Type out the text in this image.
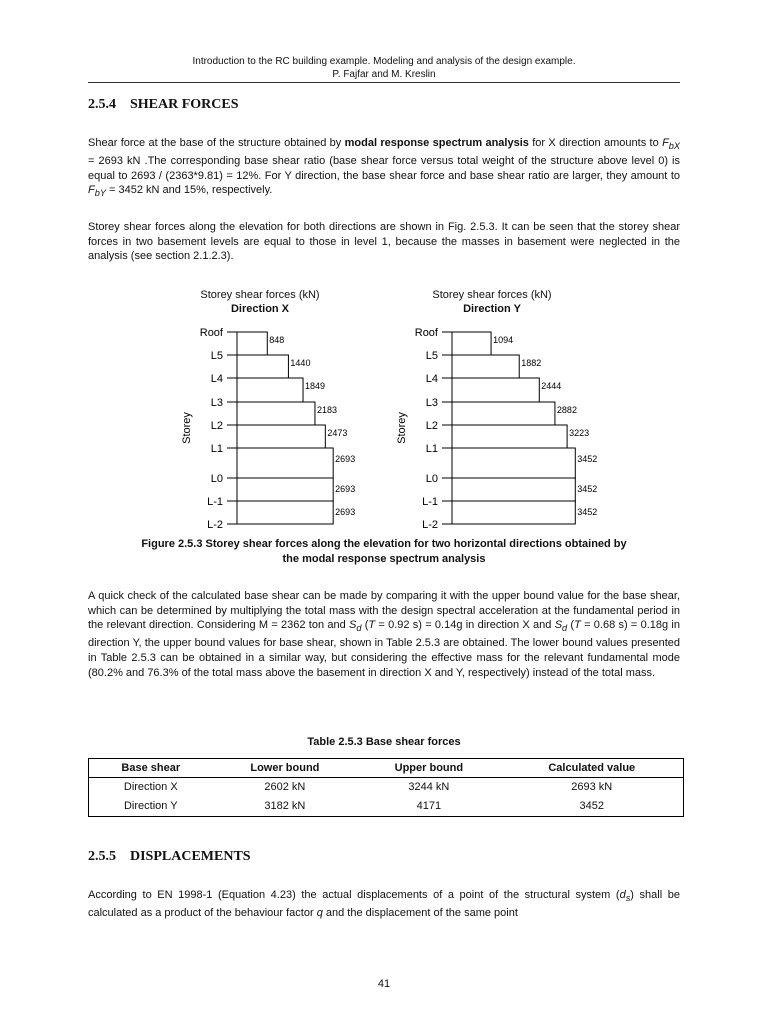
Introduction to the RC building example. Modeling and analysis of the design example.
P. Fajfar and M. Kreslin
2.5.4 SHEAR FORCES
Shear force at the base of the structure obtained by modal response spectrum analysis for X direction amounts to $F_{bX} = 2693$ kN .The corresponding base shear ratio (base shear force versus total weight of the structure above level 0) is equal to 2693 / (2363*9.81) = 12%. For Y direction, the base shear force and base shear ratio are larger, they amount to $F_{bY} = 3452$ kN and 15%, respectively.
Storey shear forces along the elevation for both directions are shown in Fig. 2.5.3. It can be seen that the storey shear forces in two basement levels are equal to those in level 1, because the masses in basement were neglected in the analysis (see section 2.1.2.3).
Storey shear forces (kN)
Direction X
Storey shear forces (kN)
Direction Y
Storey
Roof
L5
L4
L3
L2
L1
L0
L-1
L-2
848
1440
1849
2183
2473
2693
2693
2693
Storey
Roof
L5
L4
L3
L2
L1
L0
L-1
L-2
1094
1882
2444
2882
3223
3452
3452
3452
Figure 2.5.3 Storey shear forces along the elevation for two horizontal directions obtained by
the modal response spectrum analysis
A quick check of the calculated base shear can be made by comparing it with the upper bound value for the base shear, which can be determined by multiplying the total mass with the design spectral acceleration at the fundamental period in the relevant direction. Considering M = 2362 ton and $S_d$ (T = 0.92 s) = 0.14g in direction X and $S_d$ (T = 0.68 s) = 0.18g in direction Y, the upper bound values for base shear, shown in Table 2.5.3 are obtained. The lower bound values presented in Table 2.5.3 can be obtained in a similar way, but considering the effective mass for the relevant fundamental mode (80.2% and 76.3% of the total mass above the basement in direction X and Y, respectively) instead of the total mass.
Table 2.5.3 Base shear forces
Base shear	Lower bound	Upper bound	Calculated value
Direction X	2602 kN	3244 kN	2693 kN
Direction Y	3182 kN	4171	3452
2.5.5 DISPLACEMENTS
According to EN 1998-1 (Equation 4.23) the actual displacements of a point of the structural system $(d_s)$ shall be calculated as a product of the behaviour factor q and the displacement of the same point
41
